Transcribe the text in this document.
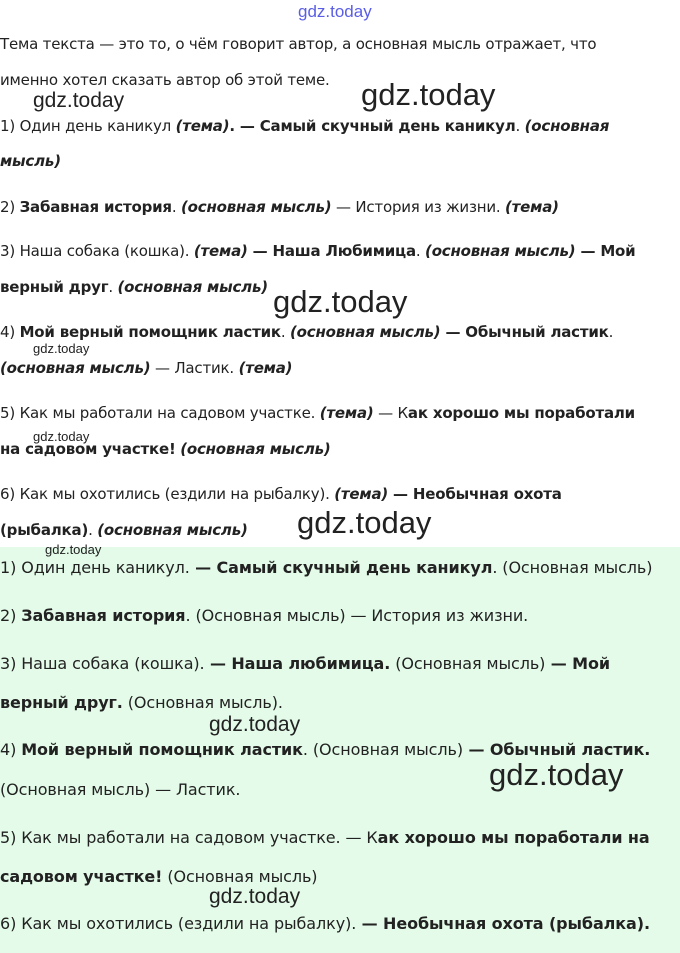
gdz.today
Тема текста — это то, о чём говорит автор, а основная мысль отражает, что
именно хотел сказать автор об этой теме.
1) Один день каникул (тема). — Самый скучный день каникул. (основная
мысль)
2) Забавная история. (основная мысль) — История из жизни. (тема)
3) Наша собака (кошка). (тема) — Наша Любимица. (основная мысль) — Мой
верный друг. (основная мысль)
4) Мой верный помощник ластик. (основная мысль) — Обычный ластик.
(основная мысль) — Ластик. (тема)
5) Как мы работали на садовом участке. (тема) — Как хорошо мы поработали
на садовом участке! (основная мысль)
6) Как мы охотились (ездили на рыбалку). (тема) — Необычная охота
(рыбалка). (основная мысль)
1) Один день каникул. — Самый скучный день каникул. (Основная мысль)
2) Забавная история. (Основная мысль) — История из жизни.
3) Наша собака (кошка). — Наша любимица. (Основная мысль) — Мой
верный друг. (Основная мысль).
4) Мой верный помощник ластик. (Основная мысль) — Обычный ластик.
(Основная мысль) — Ластик.
5) Как мы работали на садовом участке. — Как хорошо мы поработали на
садовом участке! (Основная мысль)
6) Как мы охотились (ездили на рыбалку). — Необычная охота (рыбалка).
gdz.today	gdz.today
gdz.today
gdz.today
gdz.today
gdz.today
gdz.today
gdz.today
gdz.today
gdz.today
